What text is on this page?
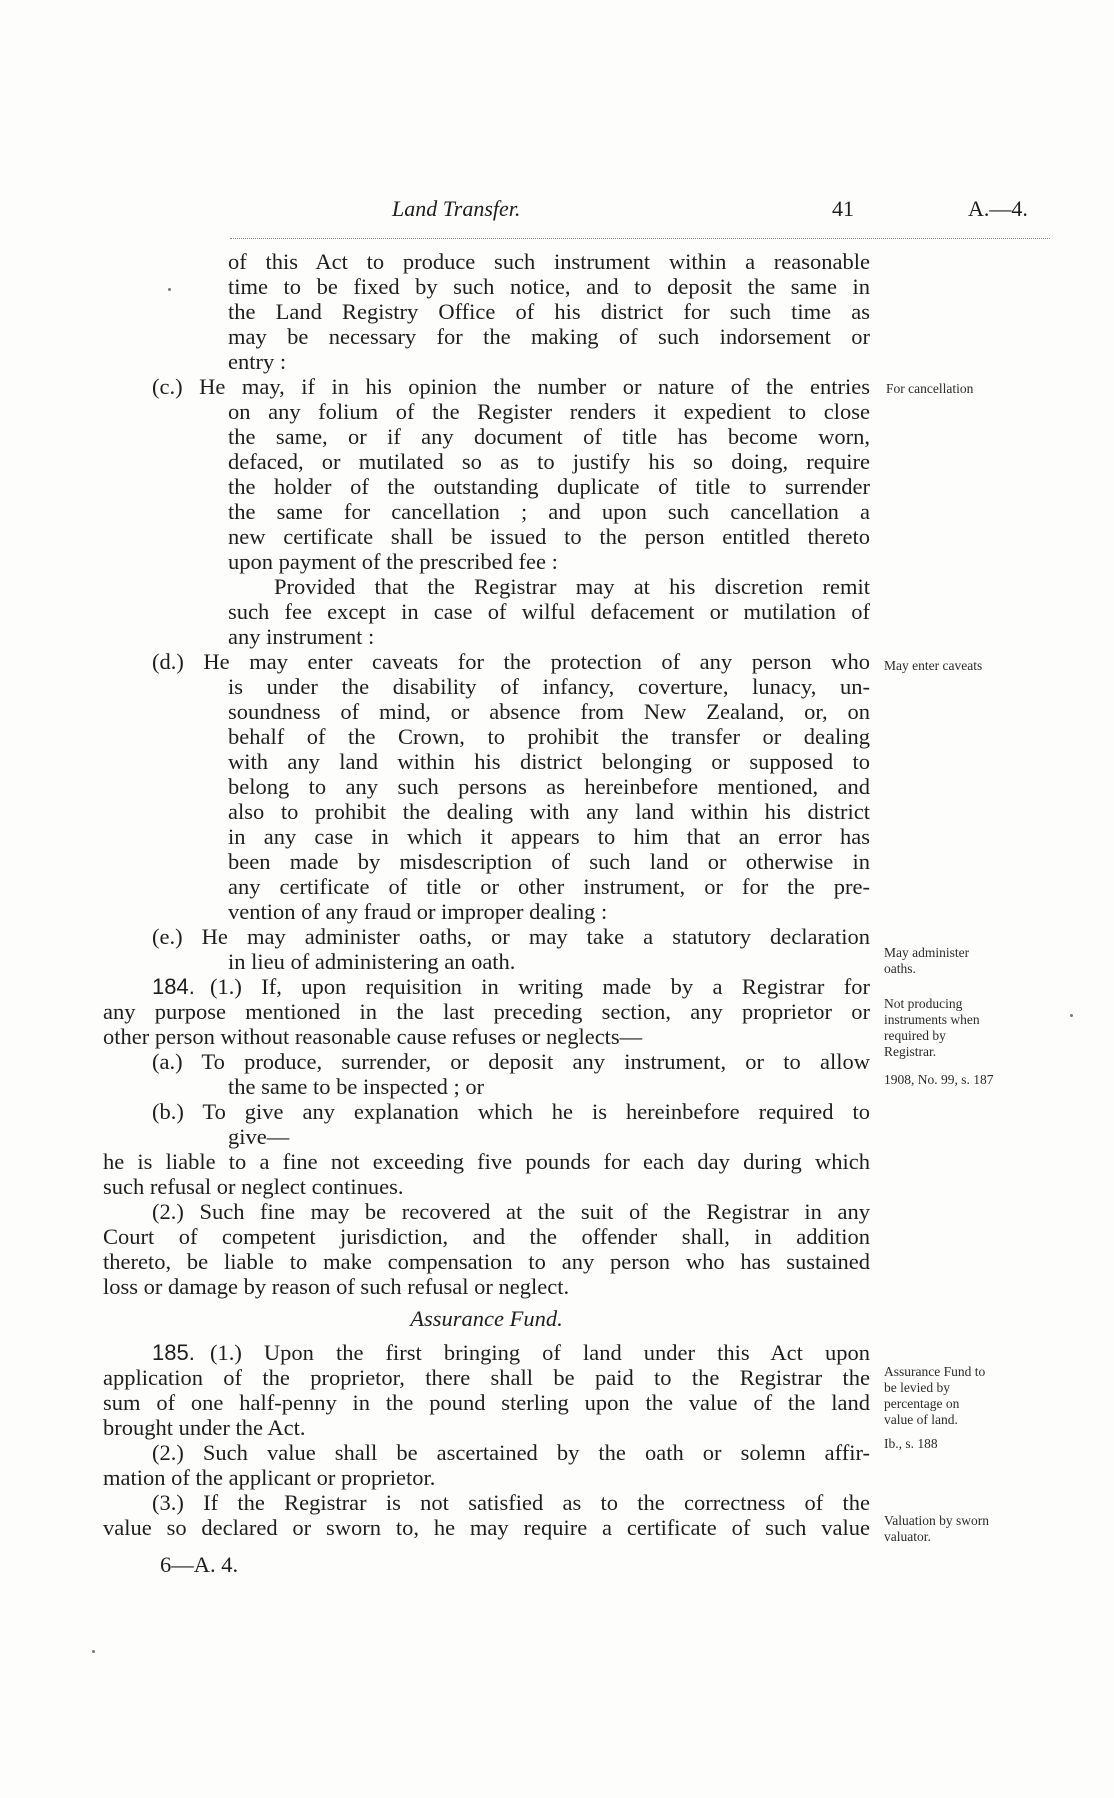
Land Transfer.	41	A.—4.
of this Act to produce such instrument within a reasonable
time to be fixed by such notice, and to deposit the same in
the Land Registry Office of his district for such time as
may be necessary for the making of such indorsement or
entry :
(c.) He may, if in his opinion the number or nature of the entries
on any folium of the Register renders it expedient to close
the same, or if any document of title has become worn,
defaced, or mutilated so as to justify his so doing, require
the holder of the outstanding duplicate of title to surrender
the same for cancellation ; and upon such cancellation a
new certificate shall be issued to the person entitled thereto
upon payment of the prescribed fee :
Provided that the Registrar may at his discretion remit
such fee except in case of wilful defacement or mutilation of
any instrument :
(d.) He may enter caveats for the protection of any person who
is under the disability of infancy, coverture, lunacy, un-
soundness of mind, or absence from New Zealand, or, on
behalf of the Crown, to prohibit the transfer or dealing
with any land within his district belonging or supposed to
belong to any such persons as hereinbefore mentioned, and
also to prohibit the dealing with any land within his district
in any case in which it appears to him that an error has
been made by misdescription of such land or otherwise in
any certificate of title or other instrument, or for the pre-
vention of any fraud or improper dealing :
(e.) He may administer oaths, or may take a statutory declaration
in lieu of administering an oath.
184. (1.) If, upon requisition in writing made by a Registrar for
any purpose mentioned in the last preceding section, any proprietor or
other person without reasonable cause refuses or neglects—
(a.) To produce, surrender, or deposit any instrument, or to allow
the same to be inspected ; or
(b.) To give any explanation which he is hereinbefore required to
give—
he is liable to a fine not exceeding five pounds for each day during which
such refusal or neglect continues.
(2.) Such fine may be recovered at the suit of the Registrar in any
Court of competent jurisdiction, and the offender shall, in addition
thereto, be liable to make compensation to any person who has sustained
loss or damage by reason of such refusal or neglect.
Assurance Fund.
185. (1.) Upon the first bringing of land under this Act upon
application of the proprietor, there shall be paid to the Registrar the
sum of one half-penny in the pound sterling upon the value of the land
brought under the Act.
(2.) Such value shall be ascertained by the oath or solemn affir-
mation of the applicant or proprietor.
(3.) If the Registrar is not satisfied as to the correctness of the
value so declared or sworn to, he may require a certificate of such value
6—A. 4.
For cancellation
May enter caveats
May administer
oaths.
Not producing
instruments when
required by
Registrar.
1908, No. 99, s. 187
Assurance Fund to
be levied by
percentage on
value of land.
Ib., s. 188
Valuation by sworn
valuator.
